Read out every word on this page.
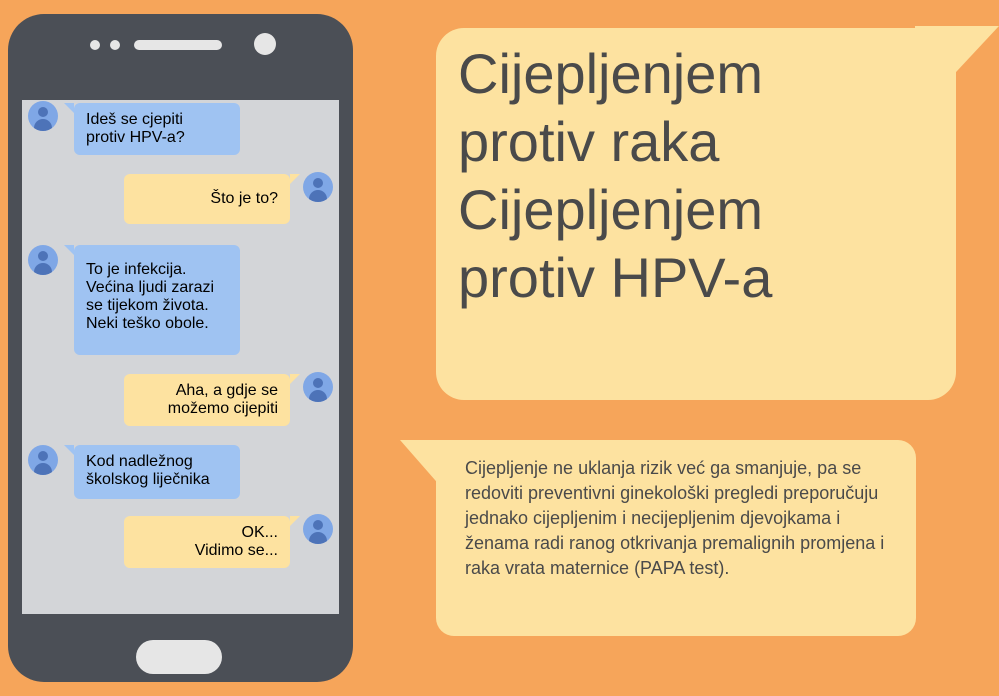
Ideš se cjepiti
protiv HPV-a?
Što je to?
To je infekcija.
Većina ljudi zarazi
se tijekom života.
Neki teško obole.
Aha, a gdje se
možemo cijepiti
Kod nadležnog
školskog liječnika
OK...
Vidimo se...
Cijepljenjem
protiv raka
Cijepljenjem
protiv HPV-a
Cijepljenje ne uklanja rizik već ga smanjuje, pa se redoviti preventivni ginekološki pregledi preporučuju jednako cijepljenim i necijepljenim djevojkama i ženama radi ranog otkrivanja premalignih promjena i raka vrata maternice (PAPA test).
